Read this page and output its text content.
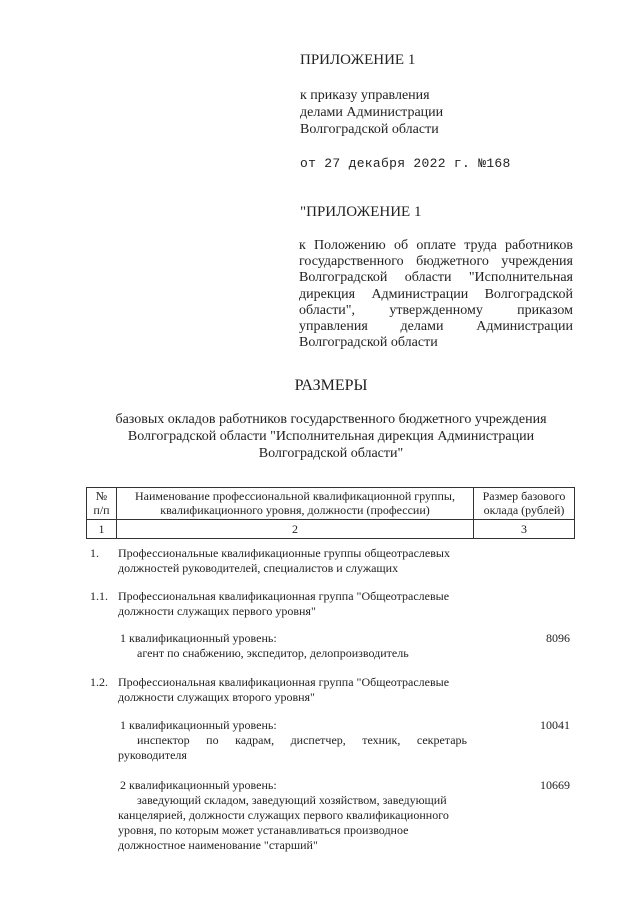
ПРИЛОЖЕНИЕ 1
к приказу управления
делами Администрации
Волгоградской области
от 27 декабря 2022 г. №168
"ПРИЛОЖЕНИЕ 1
к Положению об оплате труда работников
государственного бюджетного учреждения
Волгоградской области "Исполнительная
дирекция Администрации Волгоградской
области", утвержденному приказом
управления делами Администрации
Волгоградской области
РАЗМЕРЫ
базовых окладов работников государственного бюджетного учреждения
Волгоградской области "Исполнительная дирекция Администрации
Волгоградской области"
№
п/п
Наименование профессиональной квалификационной группы,
квалификационного уровня, должности (профессии)
Размер базового
оклада (рублей)
1	2	3
1. Профессиональные квалификационные группы общеотраслевых
должностей руководителей, специалистов и служащих
1.1. Профессиональная квалификационная группа "Общеотраслевые
должности служащих первого уровня"
1 квалификационный уровень:
агент по снабжению, экспедитор, делопроизводитель
8096
1.2. Профессиональная квалификационная группа "Общеотраслевые
должности служащих второго уровня"
1 квалификационный уровень:
инспектор по кадрам, диспетчер, техник, секретарь
руководителя
10041
2 квалификационный уровень:
заведующий складом, заведующий хозяйством, заведующий
канцелярией, должности служащих первого квалификационного
уровня, по которым может устанавливаться производное
должностное наименование "старший"
10669
